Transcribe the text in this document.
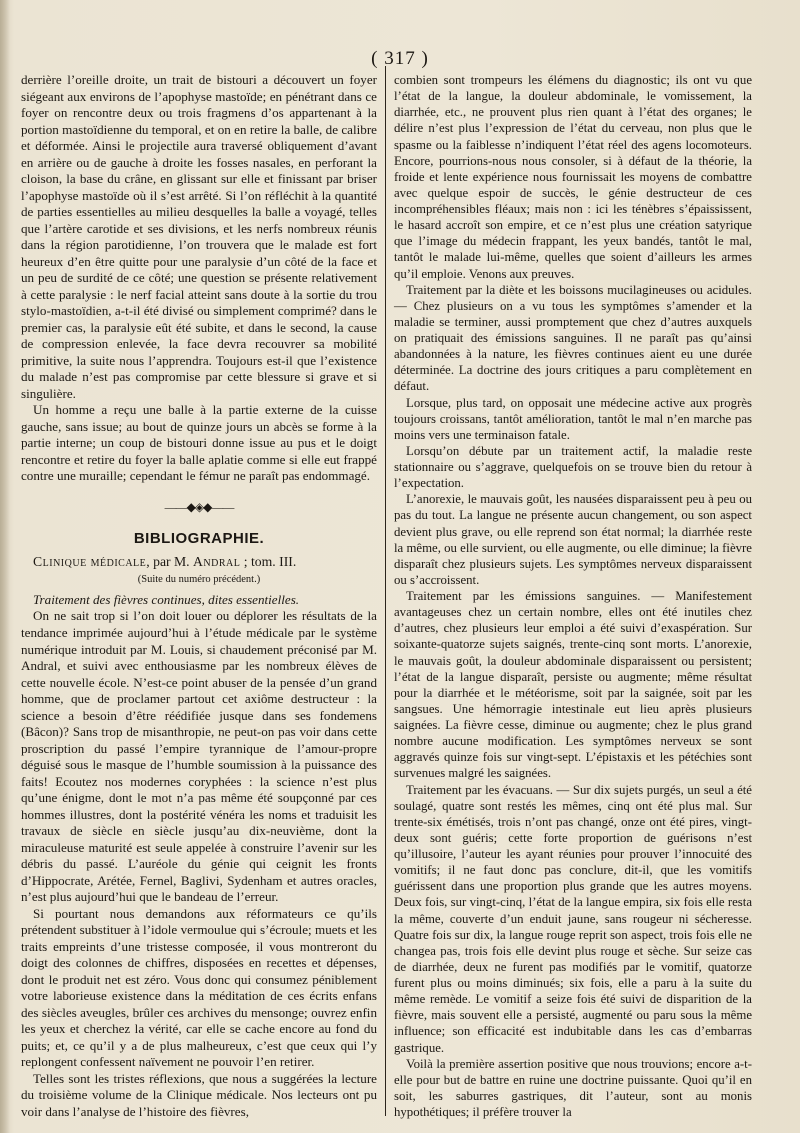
( 317 )

derrière l’oreille droite, un trait de bistouri a découvert un foyer siégeant aux environs de l’apophyse mastoïde; en pénétrant dans ce foyer on rencontre deux ou trois fragmens d’os appartenant à la portion mastoïdienne du temporal, et on en retire la balle, de calibre et déformée. Ainsi le projectile aura traversé obliquement d’avant en arrière ou de gauche à droite les fosses nasales, en perforant la cloison, la base du crâne, en glissant sur elle et finissant par briser l’apophyse mastoïde où il s’est arrêté. Si l’on réfléchit à la quantité de parties essentielles au milieu desquelles la balle a voyagé, telles que l’artère carotide et ses divisions, et les nerfs nombreux réunis dans la région parotidienne, l’on trouvera que le malade est fort heureux d’en être quitte pour une paralysie d’un côté de la face et un peu de surdité de ce côté; une question se présente relativement à cette paralysie : le nerf facial atteint sans doute à la sortie du trou stylo-mastoïdien, a-t-il été divisé ou simplement comprimé? dans le premier cas, la paralysie eût été subite, et dans le second, la cause de compression enlevée, la face devra recouvrer sa mobilité primitive, la suite nous l’apprendra. Toujours est-il que l’existence du malade n’est pas compromise par cette blessure si grave et si singulière.

Un homme a reçu une balle à la partie externe de la cuisse gauche, sans issue; au bout de quinze jours un abcès se forme à la partie interne; un coup de bistouri donne issue au pus et le doigt rencontre et retire du foyer la balle aplatie comme si elle eut frappé contre une muraille; cependant le fémur ne paraît pas endommagé.

——◆◈◆——
BIBLIOGRAPHIE.

Clinique médicale, par M. Andral ; tom. III.

(Suite du numéro précédent.)

Traitement des fièvres continues, dites essentielles.

On ne sait trop si l’on doit louer ou déplorer les résultats de la tendance imprimée aujourd’hui à l’étude médicale par le système numérique introduit par M. Louis, si chaudement préconisé par M. Andral, et suivi avec enthousiasme par les nombreux élèves de cette nouvelle école. N’est-ce point abuser de la pensée d’un grand homme, que de proclamer partout cet axiôme destructeur : la science a besoin d’être réédifiée jusque dans ses fondemens (Bâcon)? Sans trop de misanthropie, ne peut-on pas voir dans cette proscription du passé l’empire tyrannique de l’amour-propre déguisé sous le masque de l’humble soumission à la puissance des faits! Ecoutez nos modernes coryphées : la science n’est plus qu’une énigme, dont le mot n’a pas même été soupçonné par ces hommes illustres, dont la postérité vénéra les noms et traduisit les travaux de siècle en siècle jusqu’au dix-neuvième, dont la miraculeuse maturité est seule appelée à construire l’avenir sur les débris du passé. L’auréole du génie qui ceignit les fronts d’Hippocrate, Arétée, Fernel, Baglivi, Sydenham et autres oracles, n’est plus aujourd’hui que le bandeau de l’erreur.

Si pourtant nous demandons aux réformateurs ce qu’ils prétendent substituer à l’idole vermoulue qui s’écroule; muets et les traits empreints d’une tristesse composée, il vous montreront du doigt des colonnes de chiffres, disposées en recettes et dépenses, dont le produit net est zéro. Vous donc qui consumez péniblement votre laborieuse existence dans la méditation de ces écrits enfans des siècles aveugles, brûler ces archives du mensonge; ouvrez enfin les yeux et cherchez la vérité, car elle se cache encore au fond du puits; et, ce qu’il y a de plus malheureux, c’est que ceux qui l’y replongent confessent naïvement ne pouvoir l’en retirer.

Telles sont les tristes réflexions, que nous a suggérées la lecture du troisième volume de la Clinique médicale. Nos lecteurs ont pu voir dans l’analyse de l’histoire des fièvres,

combien sont trompeurs les élémens du diagnostic; ils ont vu que l’état de la langue, la douleur abdominale, le vomissement, la diarrhée, etc., ne prouvent plus rien quant à l’état des organes; le délire n’est plus l’expression de l’état du cerveau, non plus que le spasme ou la faiblesse n’indiquent l’état réel des agens locomoteurs. Encore, pourrions-nous nous consoler, si à défaut de la théorie, la froide et lente expérience nous fournissait les moyens de combattre avec quelque espoir de succès, le génie destructeur de ces incompréhensibles fléaux; mais non : ici les ténèbres s’épaississent, le hasard accroît son empire, et ce n’est plus une création satyrique que l’image du médecin frappant, les yeux bandés, tantôt le mal, tantôt le malade lui-même, quelles que soient d’ailleurs les armes qu’il emploie. Venons aux preuves.

Traitement par la diète et les boissons mucilagineuses ou acidules. — Chez plusieurs on a vu tous les symptômes s’amender et la maladie se terminer, aussi promptement que chez d’autres auxquels on pratiquait des émissions sanguines. Il ne paraît pas qu’ainsi abandonnées à la nature, les fièvres continues aient eu une durée déterminée. La doctrine des jours critiques a paru complètement en défaut.

Lorsque, plus tard, on opposait une médecine active aux progrès toujours croissans, tantôt amélioration, tantôt le mal n’en marche pas moins vers une terminaison fatale.

Lorsqu’on débute par un traitement actif, la maladie reste stationnaire ou s’aggrave, quelquefois on se trouve bien du retour à l’expectation.

L’anorexie, le mauvais goût, les nausées disparaissent peu à peu ou pas du tout. La langue ne présente aucun changement, ou son aspect devient plus grave, ou elle reprend son état normal; la diarrhée reste la même, ou elle survient, ou elle augmente, ou elle diminue; la fièvre disparaît chez plusieurs sujets. Les symptômes nerveux disparaissent ou s’accroissent.

Traitement par les émissions sanguines. — Manifestement avantageuses chez un certain nombre, elles ont été inutiles chez d’autres, chez plusieurs leur emploi a été suivi d’exaspération. Sur soixante-quatorze sujets saignés, trente-cinq sont morts. L’anorexie, le mauvais goût, la douleur abdominale disparaissent ou persistent; l’état de la langue disparaît, persiste ou augmente; même résultat pour la diarrhée et le météorisme, soit par la saignée, soit par les sangsues. Une hémorragie intestinale eut lieu après plusieurs saignées. La fièvre cesse, diminue ou augmente; chez le plus grand nombre aucune modification. Les symptômes nerveux se sont aggravés quinze fois sur vingt-sept. L’épistaxis et les pétéchies sont survenues malgré les saignées.

Traitement par les évacuans. — Sur dix sujets purgés, un seul a été soulagé, quatre sont restés les mêmes, cinq ont été plus mal. Sur trente-six émétisés, trois n’ont pas changé, onze ont été pires, vingt-deux sont guéris; cette forte proportion de guérisons n’est qu’illusoire, l’auteur les ayant réunies pour prouver l’innocuité des vomitifs; il ne faut donc pas conclure, dit-il, que les vomitifs guérissent dans une proportion plus grande que les autres moyens. Deux fois, sur vingt-cinq, l’état de la langue empira, six fois elle resta la même, couverte d’un enduit jaune, sans rougeur ni sécheresse. Quatre fois sur dix, la langue rouge reprit son aspect, trois fois elle ne changea pas, trois fois elle devint plus rouge et sèche. Sur seize cas de diarrhée, deux ne furent pas modifiés par le vomitif, quatorze furent plus ou moins diminués; six fois, elle a paru à la suite du même remède. Le vomitif a seize fois été suivi de disparition de la fièvre, mais souvent elle a persisté, augmenté ou paru sous la même influence; son efficacité est indubitable dans les cas d’embarras gastrique.

Voilà la première assertion positive que nous trouvions; encore a-t-elle pour but de battre en ruine une doctrine puissante. Quoi qu’il en soit, les saburres gastriques, dit l’auteur, sont au monis hypothétiques; il préfère trouver la
